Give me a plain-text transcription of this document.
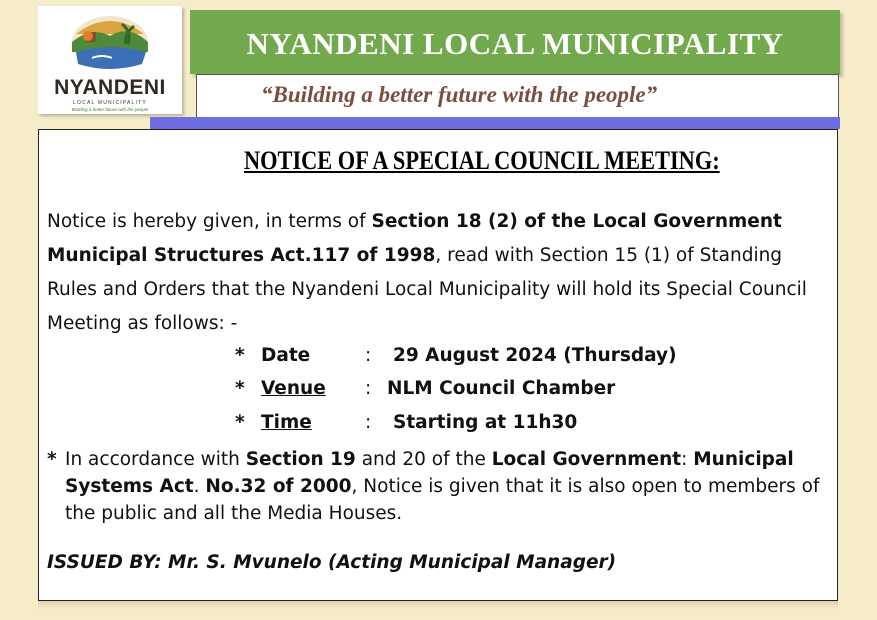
NYANDENI
LOCAL MUNICIPALITY
Building a better future with the people
NYANDENI LOCAL MUNICIPALITY
“Building a better future with the people”
NOTICE OF A SPECIAL COUNCIL MEETING:
Notice is hereby given, in terms of Section 18 (2) of the Local Government Municipal Structures Act.117 of 1998, read with Section 15 (1) of Standing Rules and Orders that the Nyandeni Local Municipality will hold its Special Council Meeting as follows: -
* Date	: 29 August 2024 (Thursday)
* Venue : NLM Council Chamber
* Time	: Starting at 11h30
* In accordance with Section 19 and 20 of the Local Government: Municipal Systems Act. No.32 of 2000, Notice is given that it is also open to members of the public and all the Media Houses.
ISSUED BY: Mr. S. Mvunelo (Acting Municipal Manager)
